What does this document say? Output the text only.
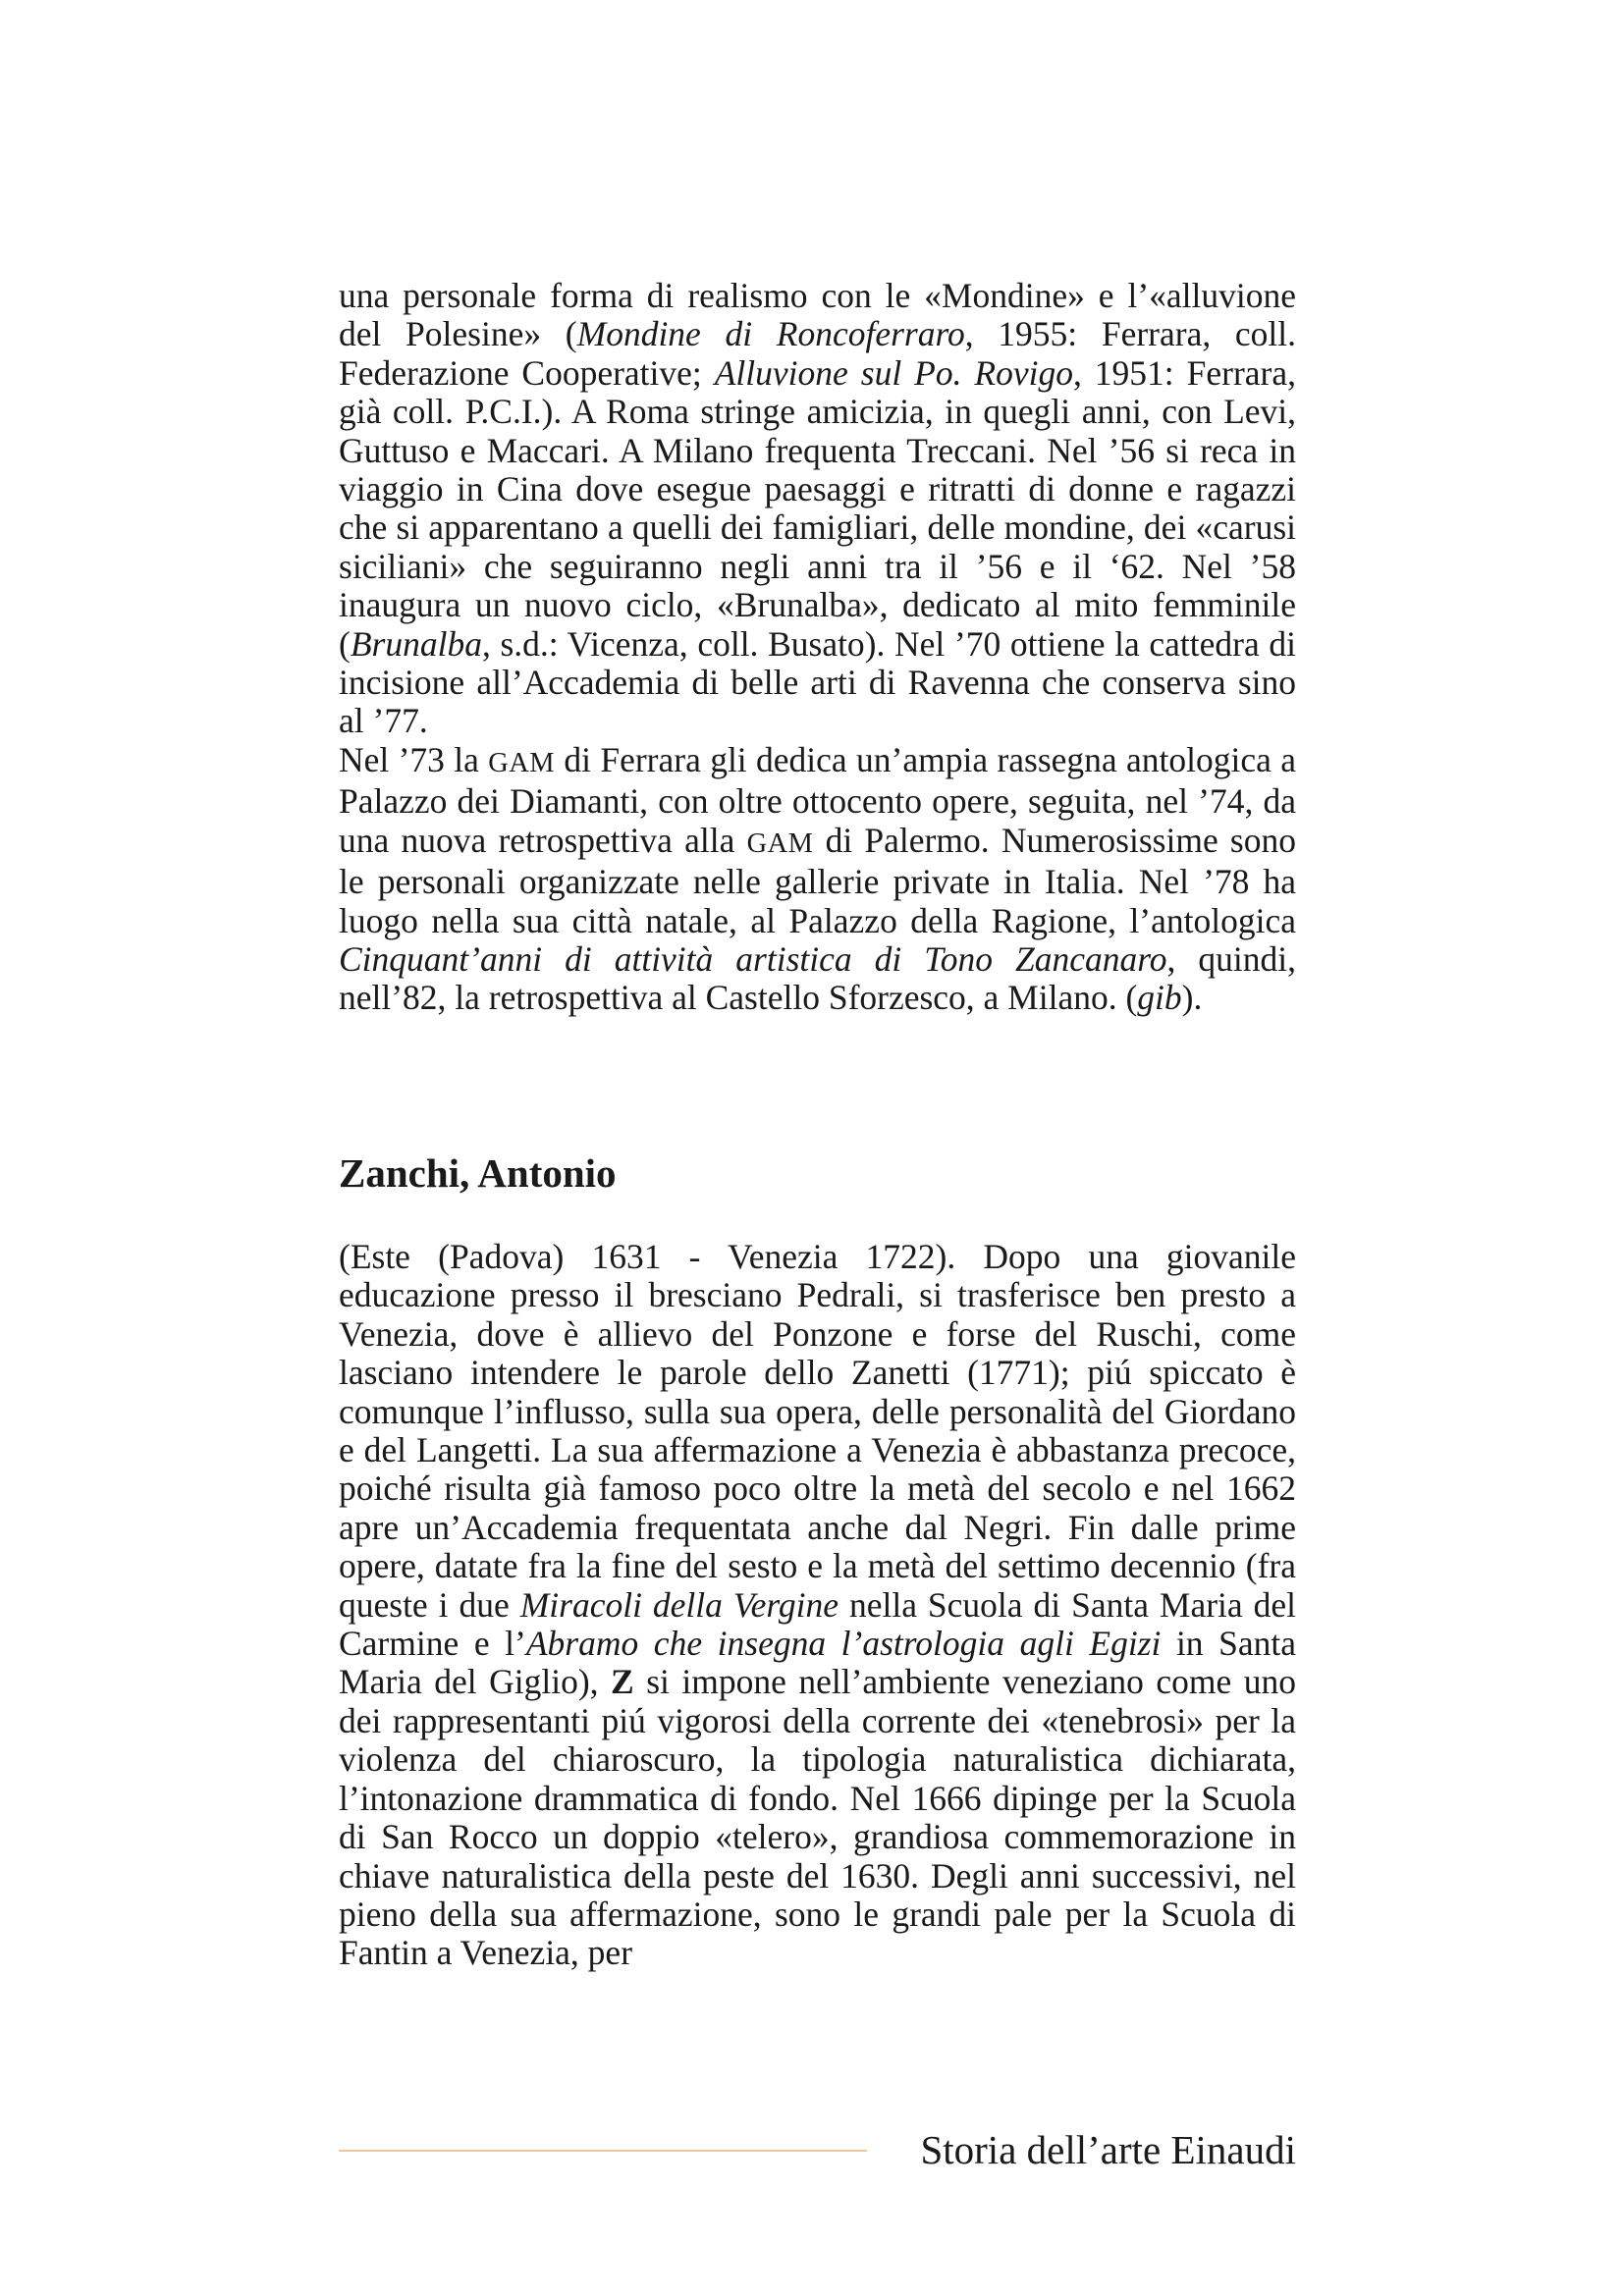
una personale forma di realismo con le «Mondine» e l’«alluvione del Polesine» (Mondine di Roncoferraro, 1955: Ferrara, coll. Federazione Cooperative; Alluvione sul Po. Rovigo, 1951: Ferrara, già coll. P.C.I.). A Roma stringe amicizia, in quegli anni, con Levi, Guttuso e Maccari. A Milano frequenta Treccani. Nel ’56 si reca in viaggio in Cina dove esegue paesaggi e ritratti di donne e ragazzi che si apparentano a quelli dei famigliari, delle mondine, dei «carusi siciliani» che seguiranno negli anni tra il ’56 e il ‘62. Nel ’58 inaugura un nuovo ciclo, «Brunalba», dedicato al mito femminile (Brunalba, s.d.: Vicenza, coll. Busato). Nel ’70 ottiene la cattedra di incisione all’Accademia di belle arti di Ravenna che conserva sino al ’77.

Nel ’73 la GAM di Ferrara gli dedica un’ampia rassegna antologica a Palazzo dei Diamanti, con oltre ottocento opere, seguita, nel ’74, da una nuova retrospettiva alla GAM di Palermo. Numerosissime sono le personali organizzate nelle gallerie private in Italia. Nel ’78 ha luogo nella sua città natale, al Palazzo della Ragione, l’antologica Cinquant’anni di attività artistica di Tono Zancanaro, quindi, nell’82, la retrospettiva al Castello Sforzesco, a Milano. (gib).

Zanchi, Antonio

(Este (Padova) 1631 - Venezia 1722). Dopo una giovanile educazione presso il bresciano Pedrali, si trasferisce ben presto a Venezia, dove è allievo del Ponzone e forse del Ruschi, come lasciano intendere le parole dello Zanetti (1771); piú spiccato è comunque l’influsso, sulla sua opera, delle personalità del Giordano e del Langetti. La sua affermazione a Venezia è abbastanza precoce, poiché risulta già famoso poco oltre la metà del secolo e nel 1662 apre un’Accademia frequentata anche dal Negri. Fin dalle prime opere, datate fra la fine del sesto e la metà del settimo decennio (fra queste i due Miracoli della Vergine nella Scuola di Santa Maria del Carmine e l’Abramo che insegna l’astrologia agli Egizi in Santa Maria del Giglio), Z si impone nell’ambiente veneziano come uno dei rappresentanti piú vigorosi della corrente dei «tenebrosi» per la violenza del chiaroscuro, la tipologia naturalistica dichiarata, l’intonazione drammatica di fondo. Nel 1666 dipinge per la Scuola di San Rocco un doppio «telero», grandiosa commemorazione in chiave naturalistica della peste del 1630. Degli anni successivi, nel pieno della sua affermazione, sono le grandi pale per la Scuola di Fantin a Venezia, per

Storia dell’arte Einaudi
